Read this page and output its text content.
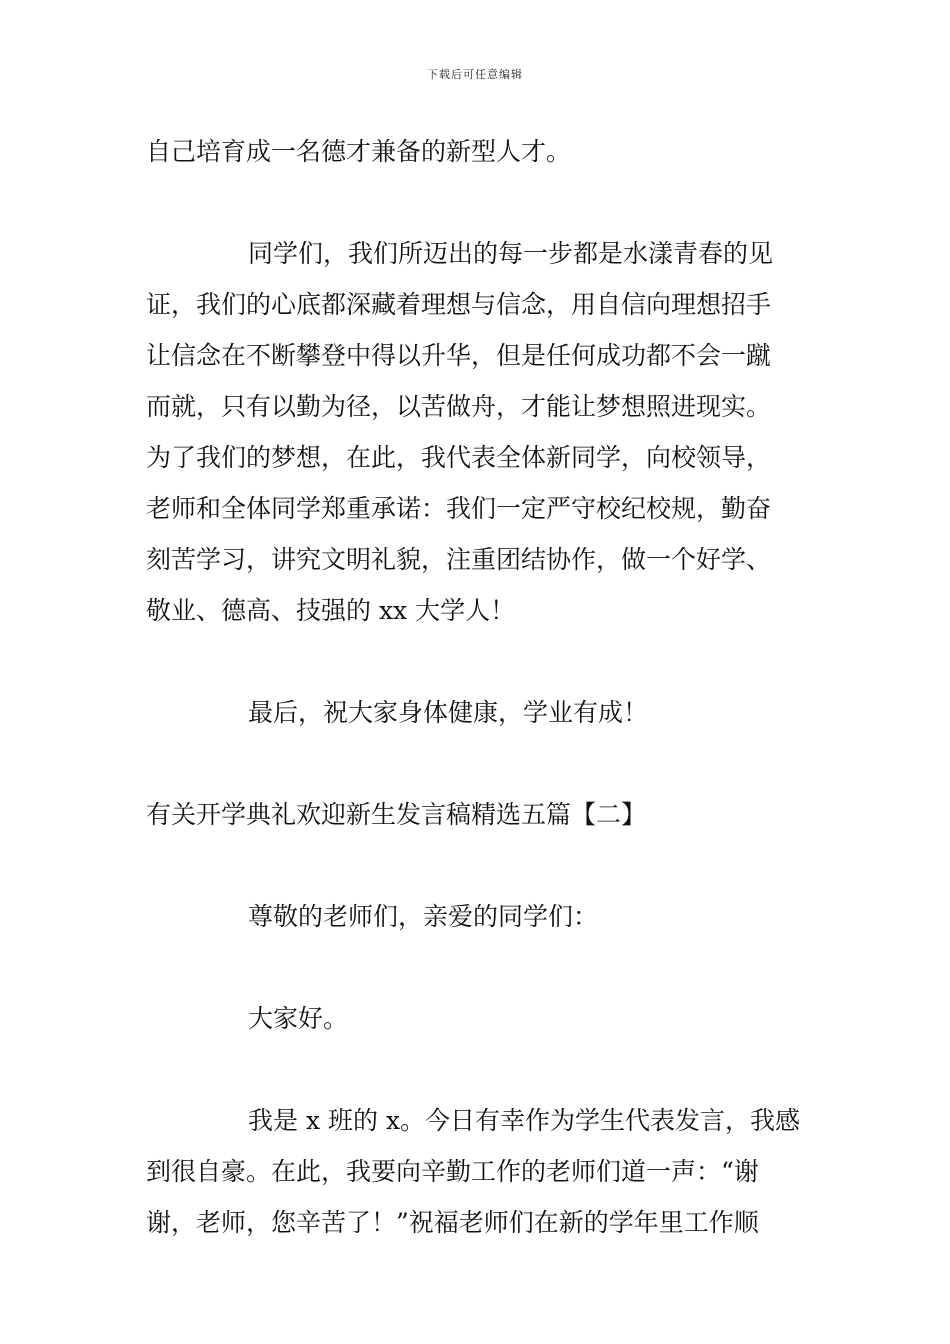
下载后可任意编辑
自己培育成一名德才兼备的新型人才。
同学们，我们所迈出的每一步都是水漾青春的见
证，我们的心底都深藏着理想与信念，用自信向理想招手
让信念在不断攀登中得以升华，但是任何成功都不会一蹴
而就，只有以勤为径，以苦做舟，才能让梦想照进现实。
为了我们的梦想，在此，我代表全体新同学，向校领导，
老师和全体同学郑重承诺：我们一定严守校纪校规，勤奋
刻苦学习，讲究文明礼貌，注重团结协作，做一个好学、
敬业、德高、技强的 xx 大学人！
最后，祝大家身体健康，学业有成！
有关开学典礼欢迎新生发言稿精选五篇【二】
尊敬的老师们，亲爱的同学们：
大家好。
我是 x 班的 x。今日有幸作为学生代表发言，我感
到很自豪。在此，我要向辛勤工作的老师们道一声：“谢
谢，老师，您辛苦了！”祝福老师们在新的学年里工作顺
